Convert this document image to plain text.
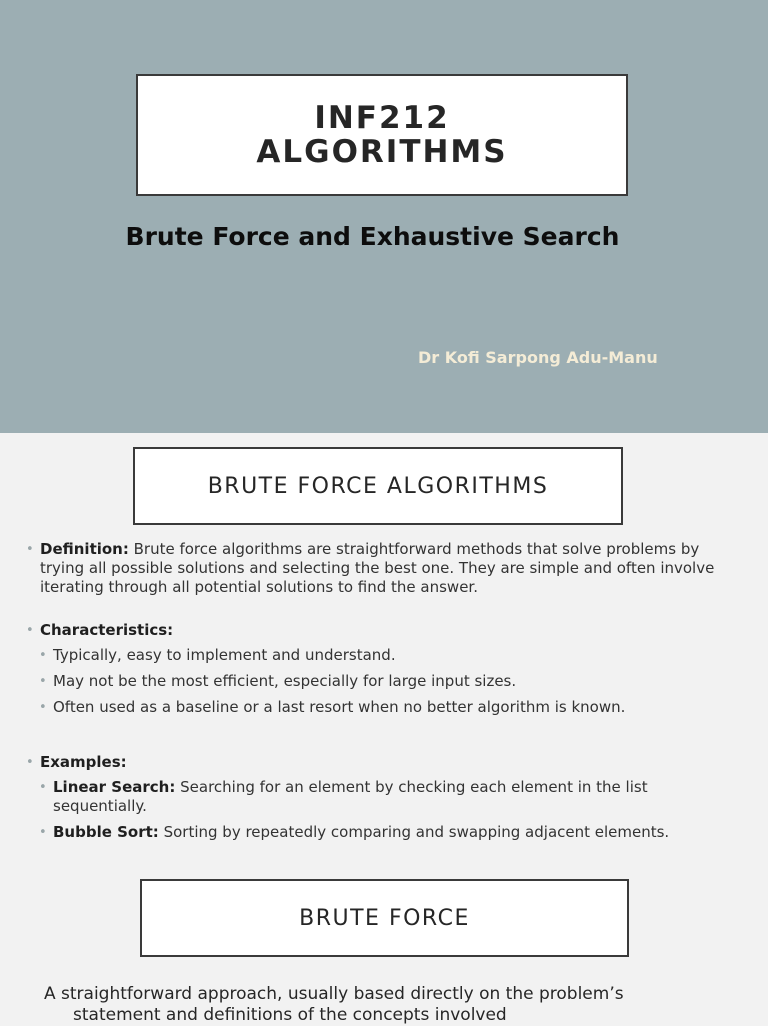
INF212
ALGORITHMS
Brute Force and Exhaustive Search
Dr Kofi Sarpong Adu-Manu
BRUTE FORCE ALGORITHMS
• Definition: Brute force algorithms are straightforward methods that solve problems by trying all possible solutions and selecting the best one. They are simple and often involve iterating through all potential solutions to find the answer.
• Characteristics:
• Typically, easy to implement and understand.
• May not be the most efficient, especially for large input sizes.
• Often used as a baseline or a last resort when no better algorithm is known.
• Examples:
• Linear Search: Searching for an element by checking each element in the list sequentially.
• Bubble Sort: Sorting by repeatedly comparing and swapping adjacent elements.
BRUTE FORCE
A straightforward approach, usually based directly on the problem’s
statement and definitions of the concepts involved
